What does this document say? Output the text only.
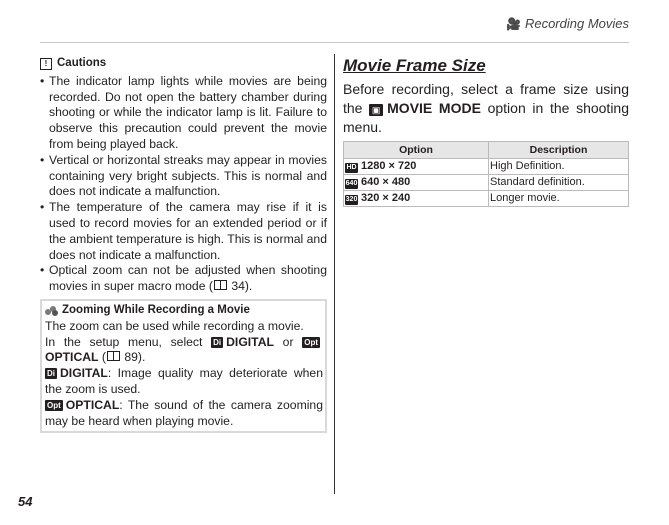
🎥 Recording Movies
! Cautions
• The indicator lamp lights while movies are being recorded. Do not open the battery chamber during shooting or while the indicator lamp is lit. Failure to observe this precaution could prevent the movie from being played back.
• Vertical or horizontal streaks may appear in movies containing very bright subjects. This is normal and does not indicate a malfunction.
• The temperature of the camera may rise if it is used to record movies for an extended period or if the ambient temperature is high. This is normal and does not indicate a malfunction.
• Optical zoom can not be adjusted when shooting movies in super macro mode ( 34).
Zooming While Recording a Movie

The zoom can be used while recording a movie.

In the setup menu, select Di DIGITAL or OptOPTICAL ( 89).

Di DIGITAL: Image quality may deteriorate when the zoom is used.

Opt OPTICAL: The sound of the camera zooming may be heard when playing movie.

Movie Frame Size

Before recording, select a frame size using the ▣ MOVIE MODE option in the shooting menu.

Option	Description
HD 1280 × 720	High Definition.
640 640 × 480	Standard definition.
320 320 × 240	Longer movie.
54
